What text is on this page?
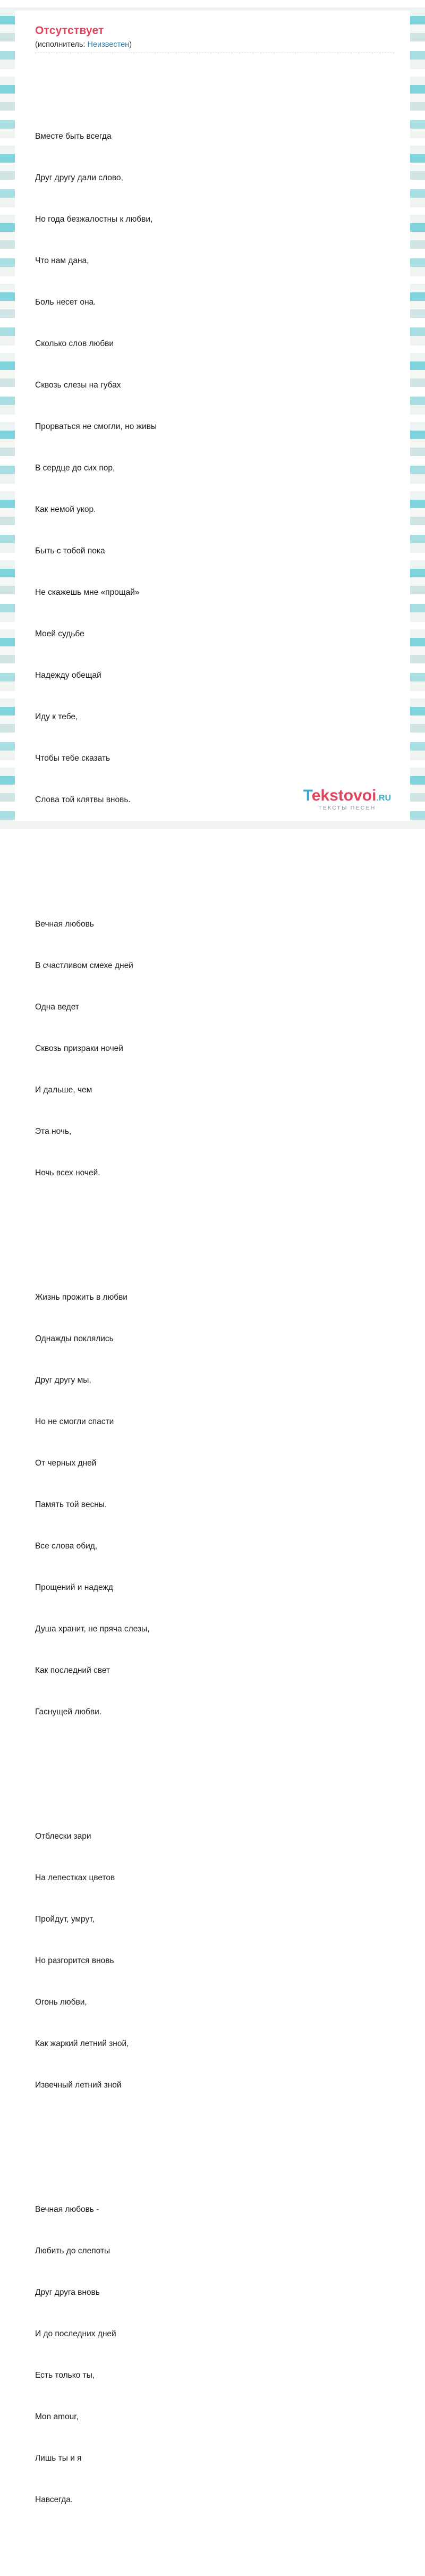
Отсутствует
(исполнитель: Неизвестен)

Вместе быть всегда

Друг другу дали слово,

Но года безжалостны к любви,

Что нам дана,

Боль несет она.

Сколько слов любви

Сквозь слезы на губах

Прорваться не смогли, но живы

В сердце до сих пор,

Как немой укор.

Быть с тобой пока

Не скажешь мне «прощай»

Моей судьбе

Надежду обещай

Иду к тебе,

Чтобы тебе сказать

Слова той клятвы вновь.

Вечная любовь

В счастливом смехе дней

Одна ведет

Сквозь призраки ночей

И дальше, чем

Эта ночь,

Ночь всех ночей.

Жизнь прожить в любви

Однажды поклялись

Друг другу мы,

Но не смогли спасти

От черных дней

Память той весны.

Все слова обид,

Прощений и надежд

Душа хранит, не пряча слезы,

Как последний свет

Гаснущей любви.

Отблески зари

На лепестках цветов

Пройдут, умрут,

Но разгорится вновь

Огонь любви,

Как жаркий летний зной,

Извечный летний зной

Вечная любовь -

Любить до слепоты

Друг друга вновь

И до последних дней

Есть только ты,

Mon amour,

Лишь ты и я

Навсегда.

Tekstovoi.RU
ТЕКСТЫ ПЕСЕН
